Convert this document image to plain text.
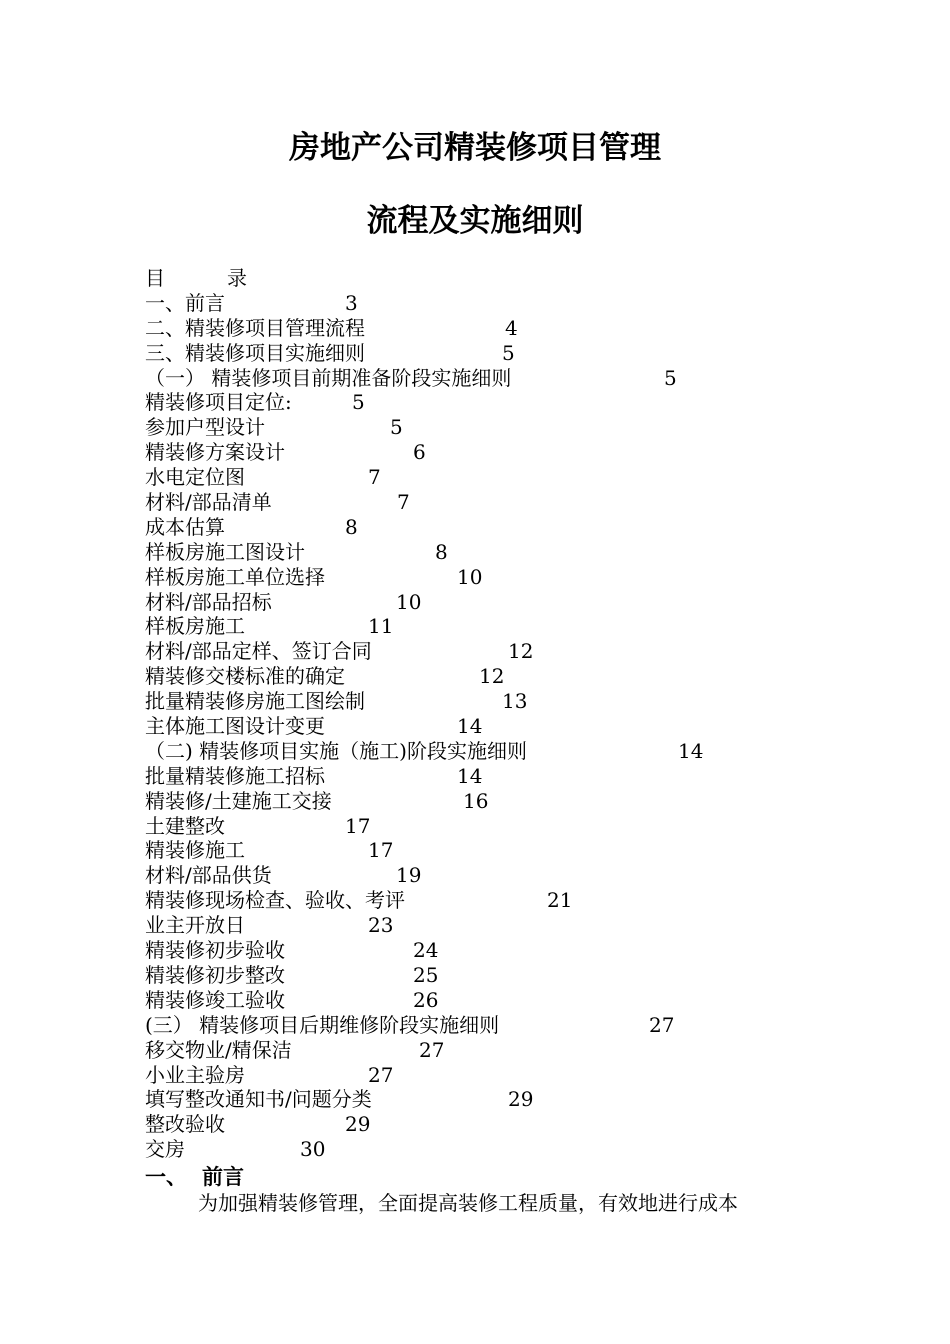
房地产公司精装修项目管理
流程及实施细则
目	录
一、前言	3
二、精装修项目管理流程	4
三、精装修项目实施细则	5
（一） 精装修项目前期准备阶段实施细则	5
精装修项目定位:	5
参加户型设计	5
精装修方案设计	6
水电定位图	7
材料/部品清单	7
成本估算	8
样板房施工图设计	8
样板房施工单位选择	10
材料/部品招标	10
样板房施工	11
材料/部品定样、签订合同	12
精装修交楼标准的确定	12
批量精装修房施工图绘制	13
主体施工图设计变更	14
（二) 精装修项目实施（施工)阶段实施细则	14
批量精装修施工招标	14
精装修/土建施工交接	16
土建整改	17
精装修施工	17
材料/部品供货	19
精装修现场检查、验收、考评	21
业主开放日	23
精装修初步验收	24
精装修初步整改	25
精装修竣工验收	26
(三） 精装修项目后期维修阶段实施细则	27
移交物业/精保洁	27
小业主验房	27
填写整改通知书/问题分类	29
整改验收	29
交房	30
一、 前言

为加强精装修管理，全面提高装修工程质量，有效地进行成本
